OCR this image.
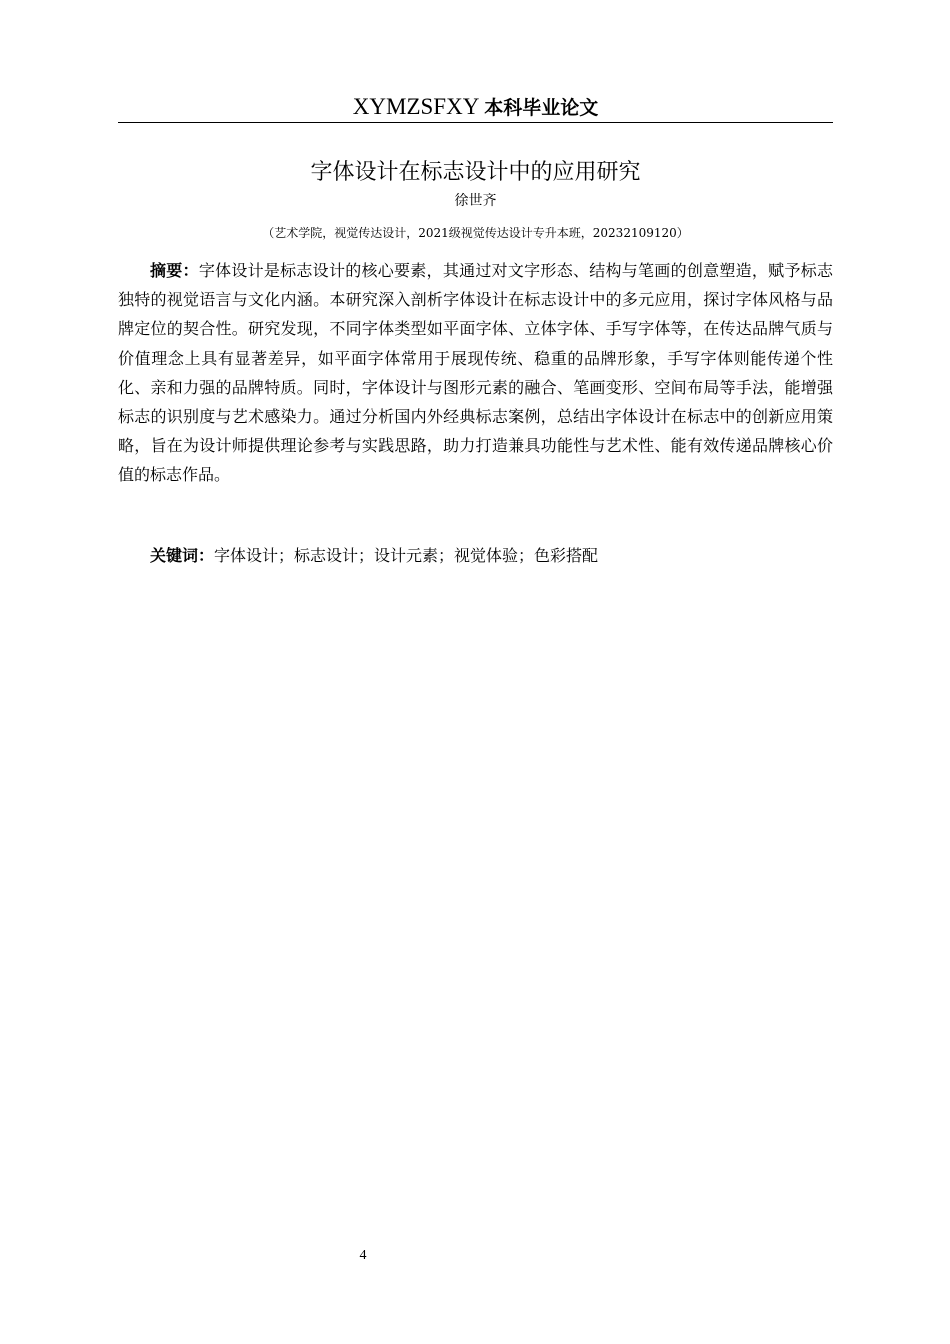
XYMZSFXY 本科毕业论文
字体设计在标志设计中的应用研究
徐世齐
（艺术学院，视觉传达设计，2021级视觉传达设计专升本班，20232109120）

摘要：字体设计是标志设计的核心要素，其通过对文字形态、结构与笔画的创意塑造，赋予标志独特的视觉语言与文化内涵。本研究深入剖析字体设计在标志设计中的多元应用，探讨字体风格与品牌定位的契合性。研究发现，不同字体类型如平面字体、立体字体、手写字体等，在传达品牌气质与价值理念上具有显著差异，如平面字体常用于展现传统、稳重的品牌形象，手写字体则能传递个性化、亲和力强的品牌特质。同时，字体设计与图形元素的融合、笔画变形、空间布局等手法，能增强标志的识别度与艺术感染力。通过分析国内外经典标志案例，总结出字体设计在标志中的创新应用策略，旨在为设计师提供理论参考与实践思路，助力打造兼具功能性与艺术性、能有效传递品牌核心价值的标志作品。

关键词：字体设计；标志设计；设计元素；视觉体验；色彩搭配

4
